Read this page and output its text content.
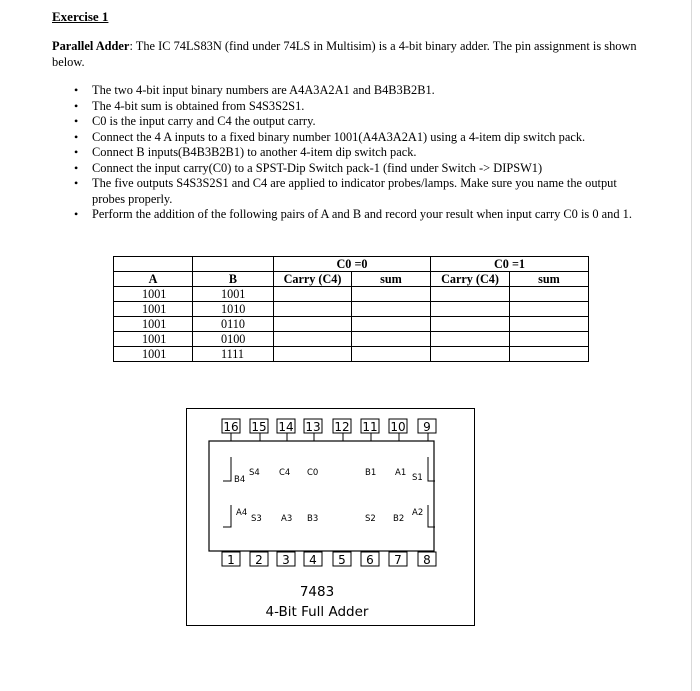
Exercise 1
Parallel Adder: The IC 74LS83N (find under 74LS in Multisim) is a 4-bit binary adder. The pin assignment is shown below.
• The two 4-bit input binary numbers are A4A3A2A1 and B4B3B2B1.
• The 4-bit sum is obtained from S4S3S2S1.
• C0 is the input carry and C4 the output carry.
• Connect the 4 A inputs to a fixed binary number 1001(A4A3A2A1) using a 4-item dip switch pack.
• Connect B inputs(B4B3B2B1) to another 4-item dip switch pack.
• Connect the input carry(C0) to a SPST-Dip Switch pack-1 (find under Switch -> DIPSW1)
• The five outputs S4S3S2S1 and C4 are applied to indicator probes/lamps. Make sure you name the output probes properly.
• Perform the addition of the following pairs of A and B and record your result when input carry C0 is 0 and 1.
		C0 =0		C0 =1	
A	B	Carry (C4)	sum	Carry (C4)	sum
1001	1001				
1001	1010				
1001	0110				
1001	0100				
1001	1111				
16 15 14 13 12 11 10 9
1 2 3 4 5 6 7 8
B4
S4 C4 C0	B1 A1 S1
A4
S3 A3 B3	S2 B2
A2
7483
4-Bit Full Adder
